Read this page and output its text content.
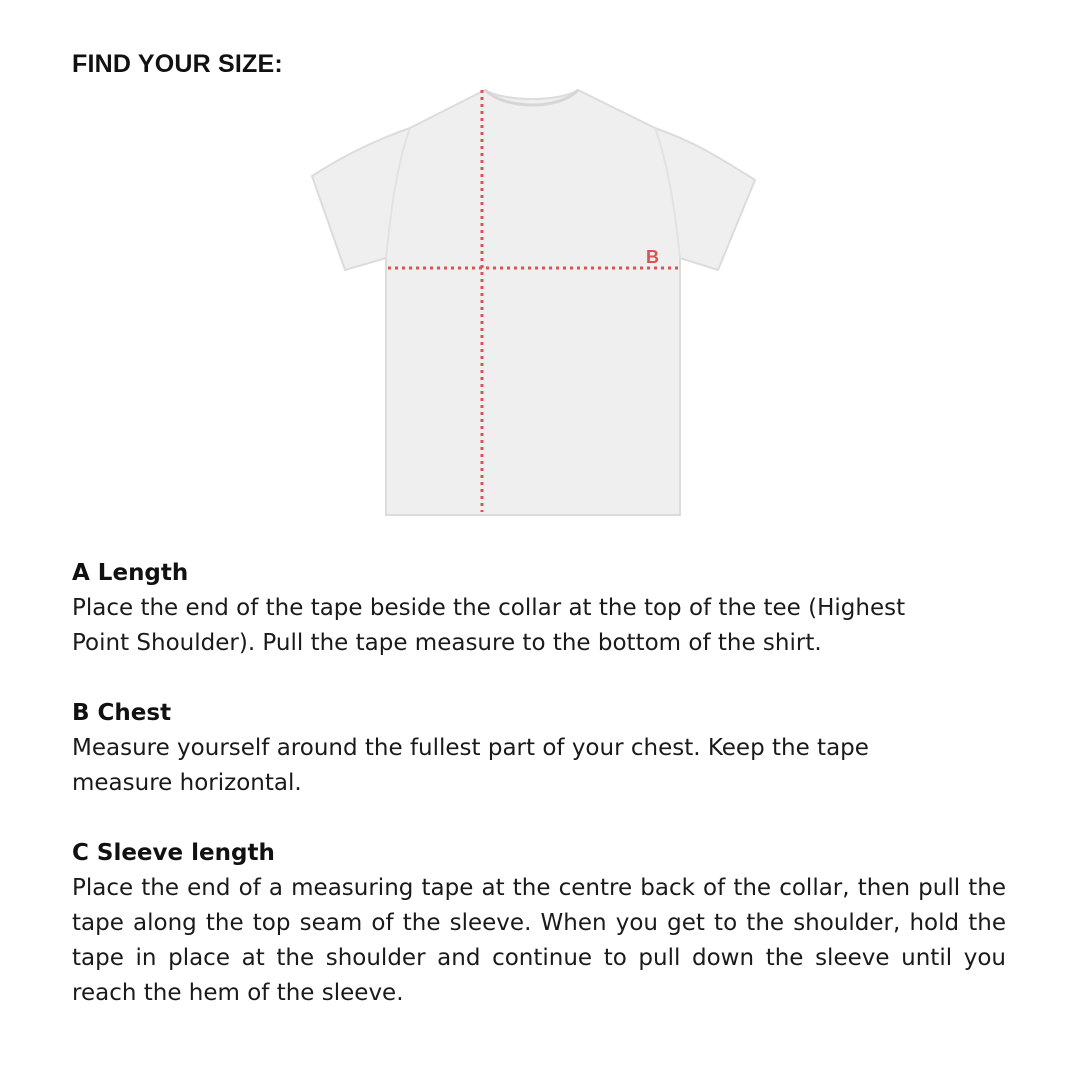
FIND YOUR SIZE:
B

A Length

Place the end of the tape beside the collar at the top of the tee (Highest Point Shoulder). Pull the tape measure to the bottom of the shirt.

B Chest

Measure yourself around the fullest part of your chest. Keep the tape measure horizontal.

C Sleeve length

Place the end of a measuring tape at the centre back of the collar, then pull the tape along the top seam of the sleeve. When you get to the shoulder, hold the tape in place at the shoulder and continue to pull down the sleeve until you reach the hem of the sleeve.
